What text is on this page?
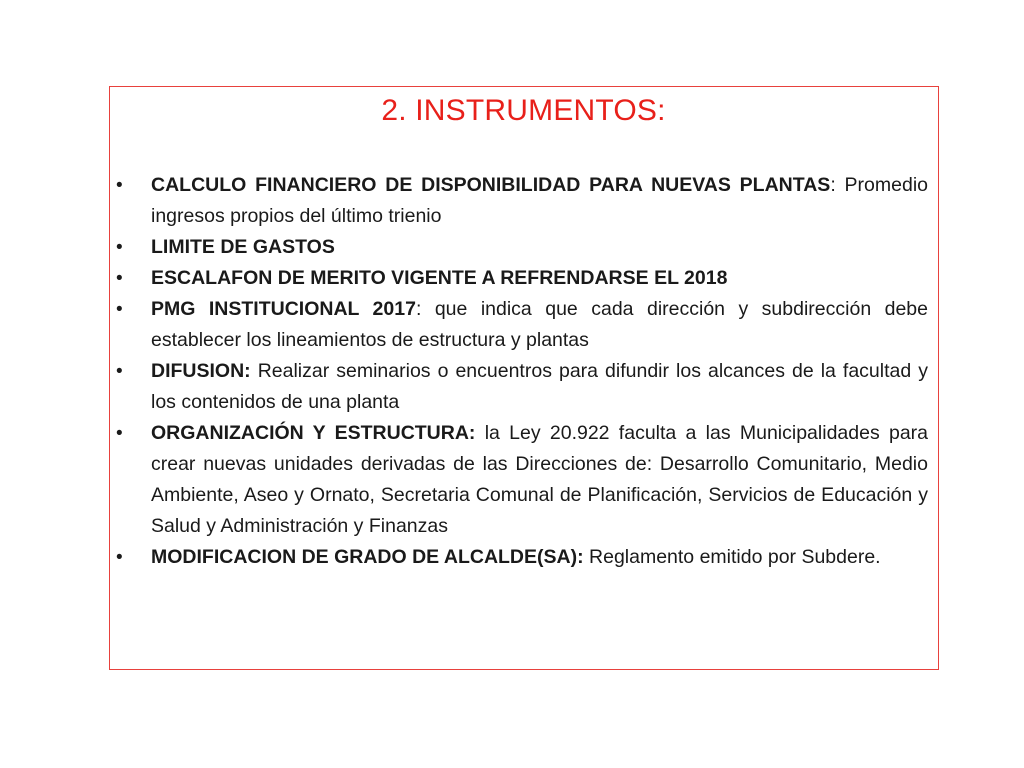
2. INSTRUMENTOS:
• CALCULO FINANCIERO DE DISPONIBILIDAD PARA NUEVAS PLANTAS: Promedio ingresos propios del último trienio
• LIMITE DE GASTOS
• ESCALAFON DE MERITO VIGENTE A REFRENDARSE EL 2018
• PMG INSTITUCIONAL 2017: que indica que cada dirección y subdirección debe establecer los lineamientos de estructura y plantas
• DIFUSION: Realizar seminarios o encuentros para difundir los alcances de la facultad y los contenidos de una planta
• ORGANIZACIÓN Y ESTRUCTURA: la Ley 20.922 faculta a las Municipalidades para crear nuevas unidades derivadas de las Direcciones de: Desarrollo Comunitario, Medio Ambiente, Aseo y Ornato, Secretaria Comunal de Planificación, Servicios de Educación y Salud y Administración y Finanzas
• MODIFICACION DE GRADO DE ALCALDE(SA): Reglamento emitido por Subdere.
